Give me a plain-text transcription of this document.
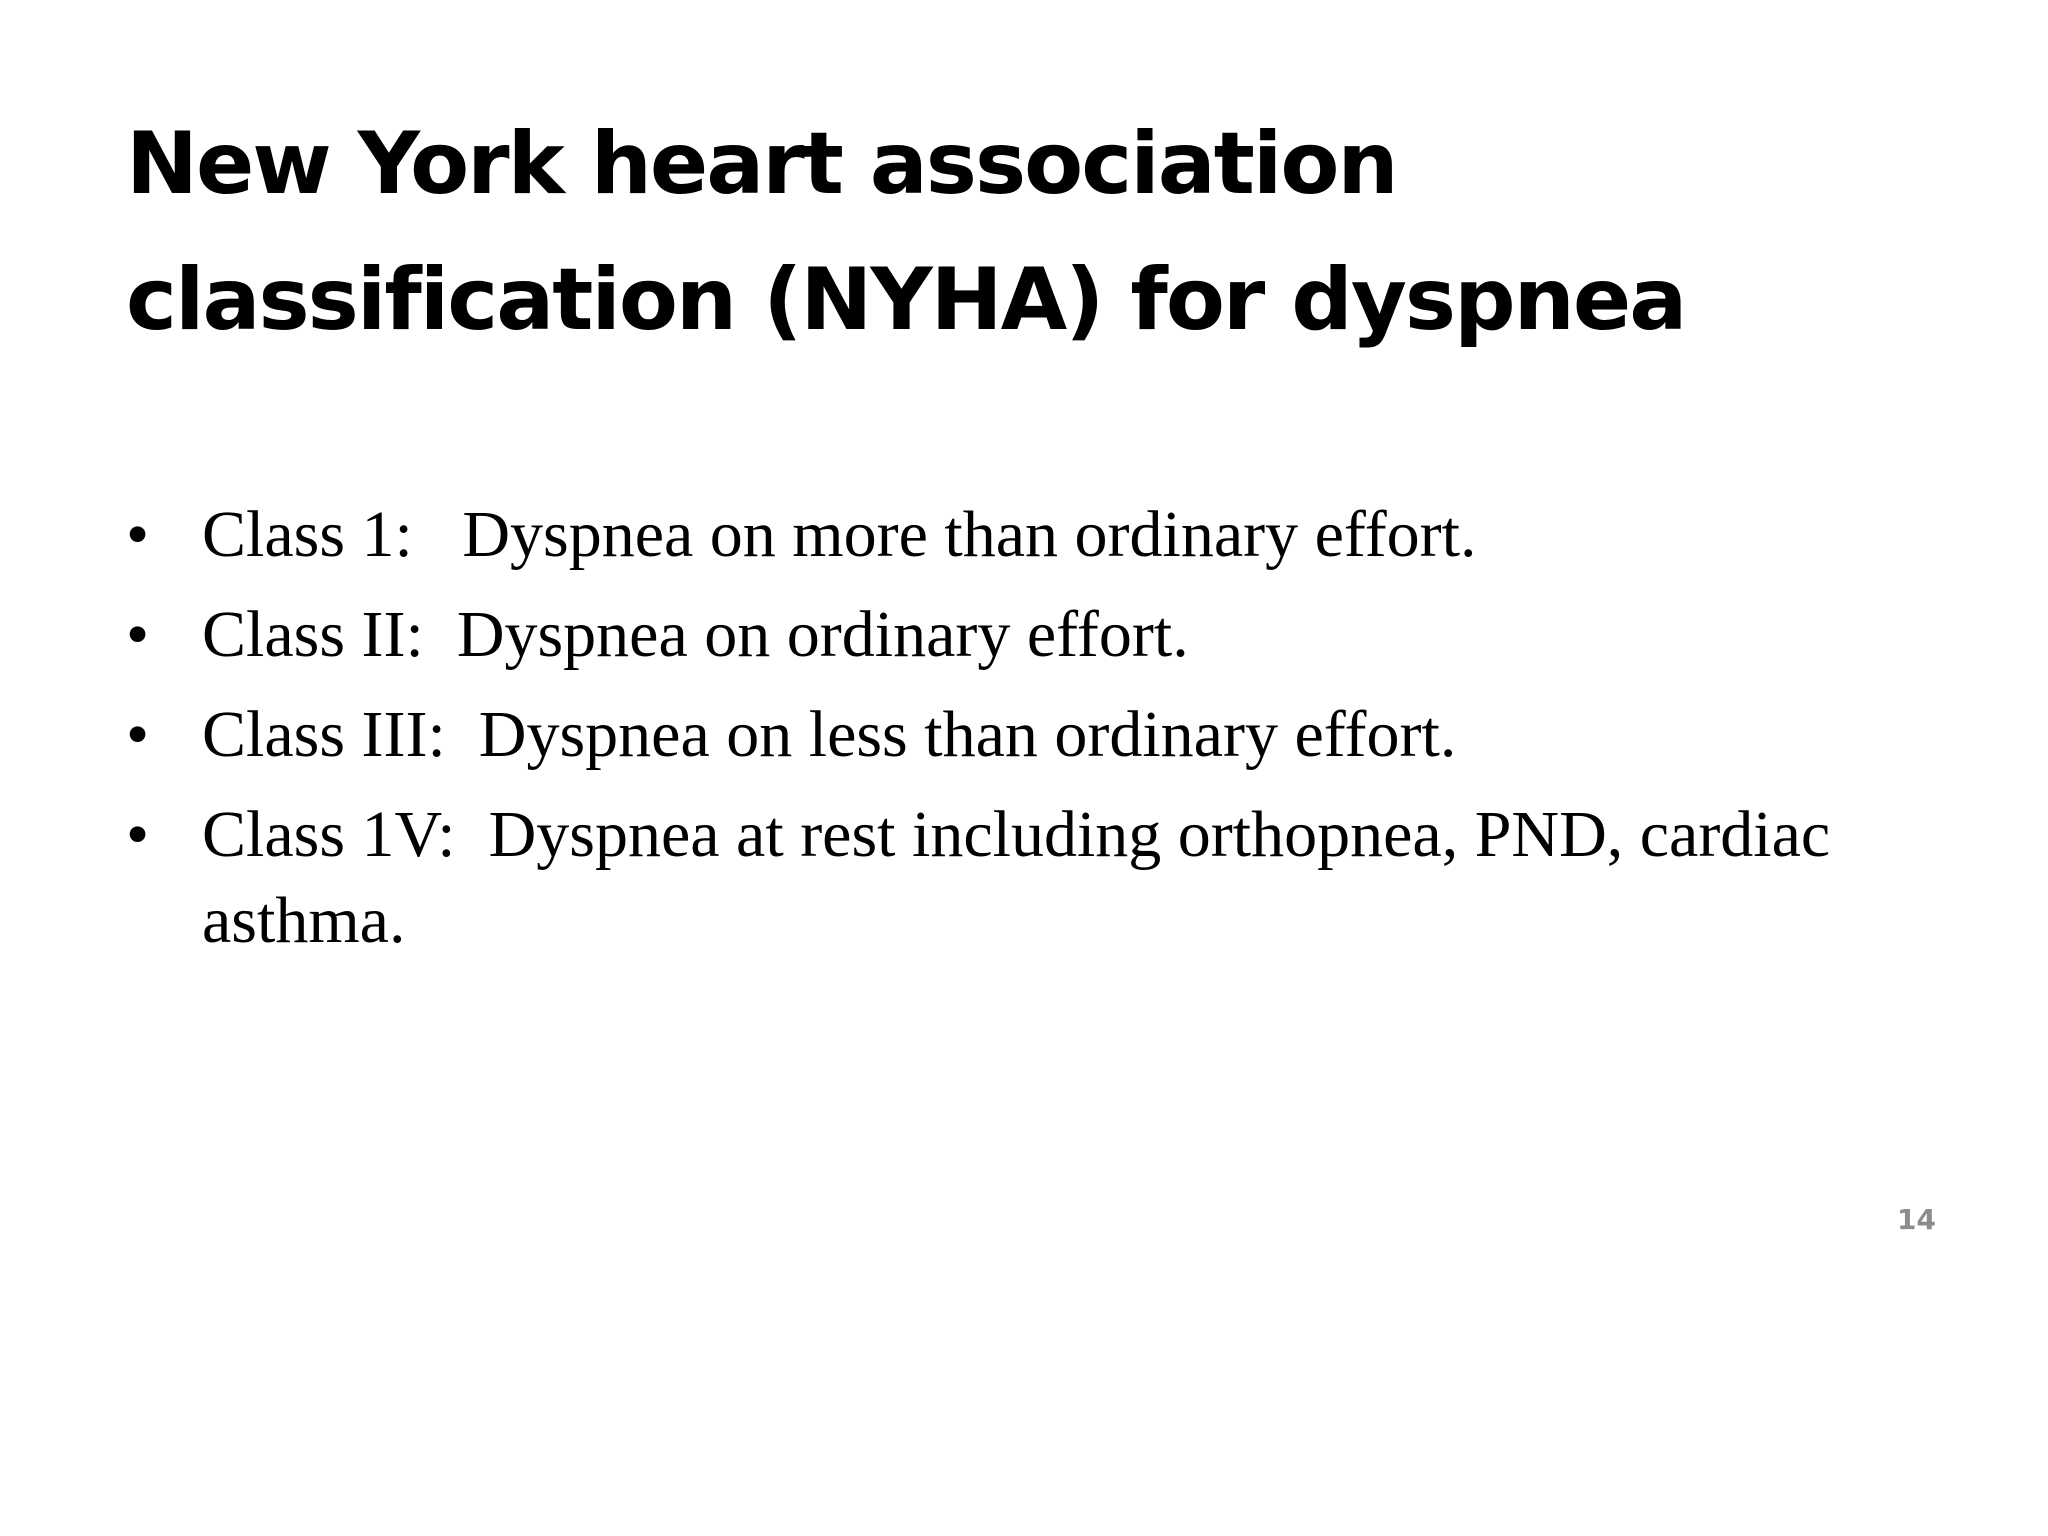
New York heart association classification (NYHA) for dyspnea
• Class 1:   Dyspnea on more than ordinary effort.
• Class II:  Dyspnea on ordinary effort.
• Class III:  Dyspnea on less than ordinary effort.
• Class 1V:  Dyspnea at rest including orthopnea, PND, cardiac asthma.
14
